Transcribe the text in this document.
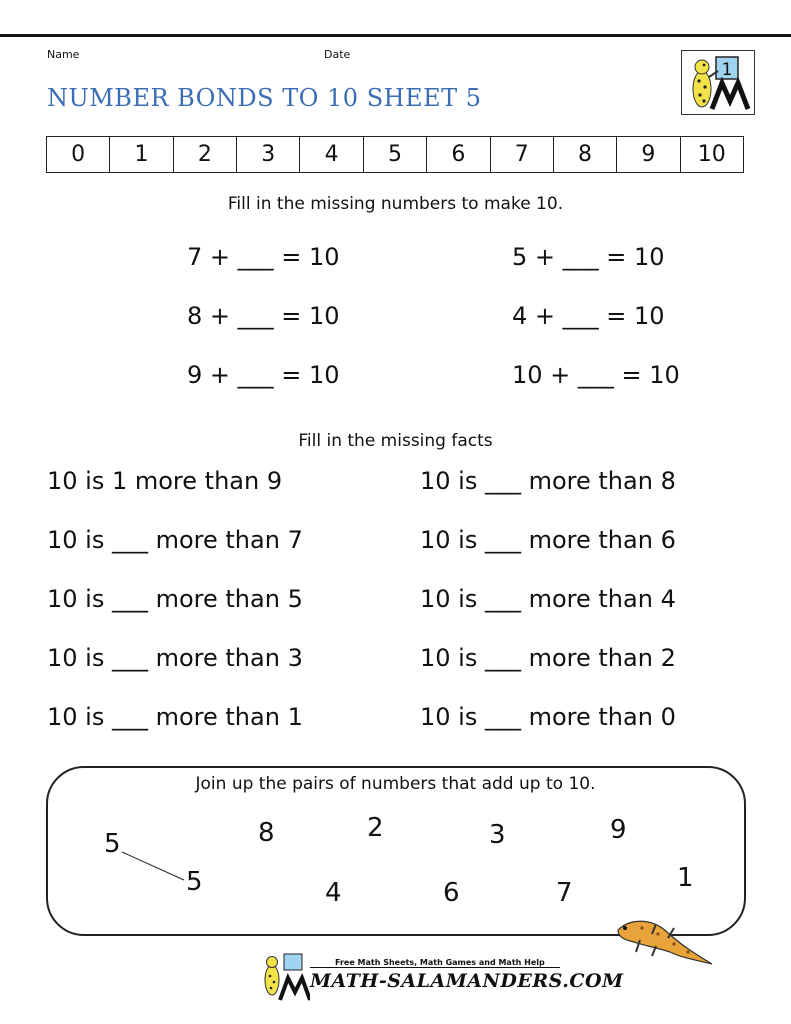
Name	Date
NUMBER BONDS TO 10 SHEET 5
1
0	1	2	3	4	5	6	7	8	9	10
Fill in the missing numbers to make 10.
7 + ___ = 10
8 + ___ = 10
9 + ___ = 10
5 + ___ = 10
4 + ___ = 10
10 + ___ = 10
Fill in the missing facts
10 is 1 more than 9
10 is ___ more than 7
10 is ___ more than 5
10 is ___ more than 3
10 is ___ more than 1
10 is ___ more than 8
10 is ___ more than 6
10 is ___ more than 4
10 is ___ more than 2
10 is ___ more than 0
Join up the pairs of numbers that add up to 10.
5	8	2	3	9
5	4	6	7	1
Free Math Sheets, Math Games and Math Help
MATH-SALAMANDERS.COM
